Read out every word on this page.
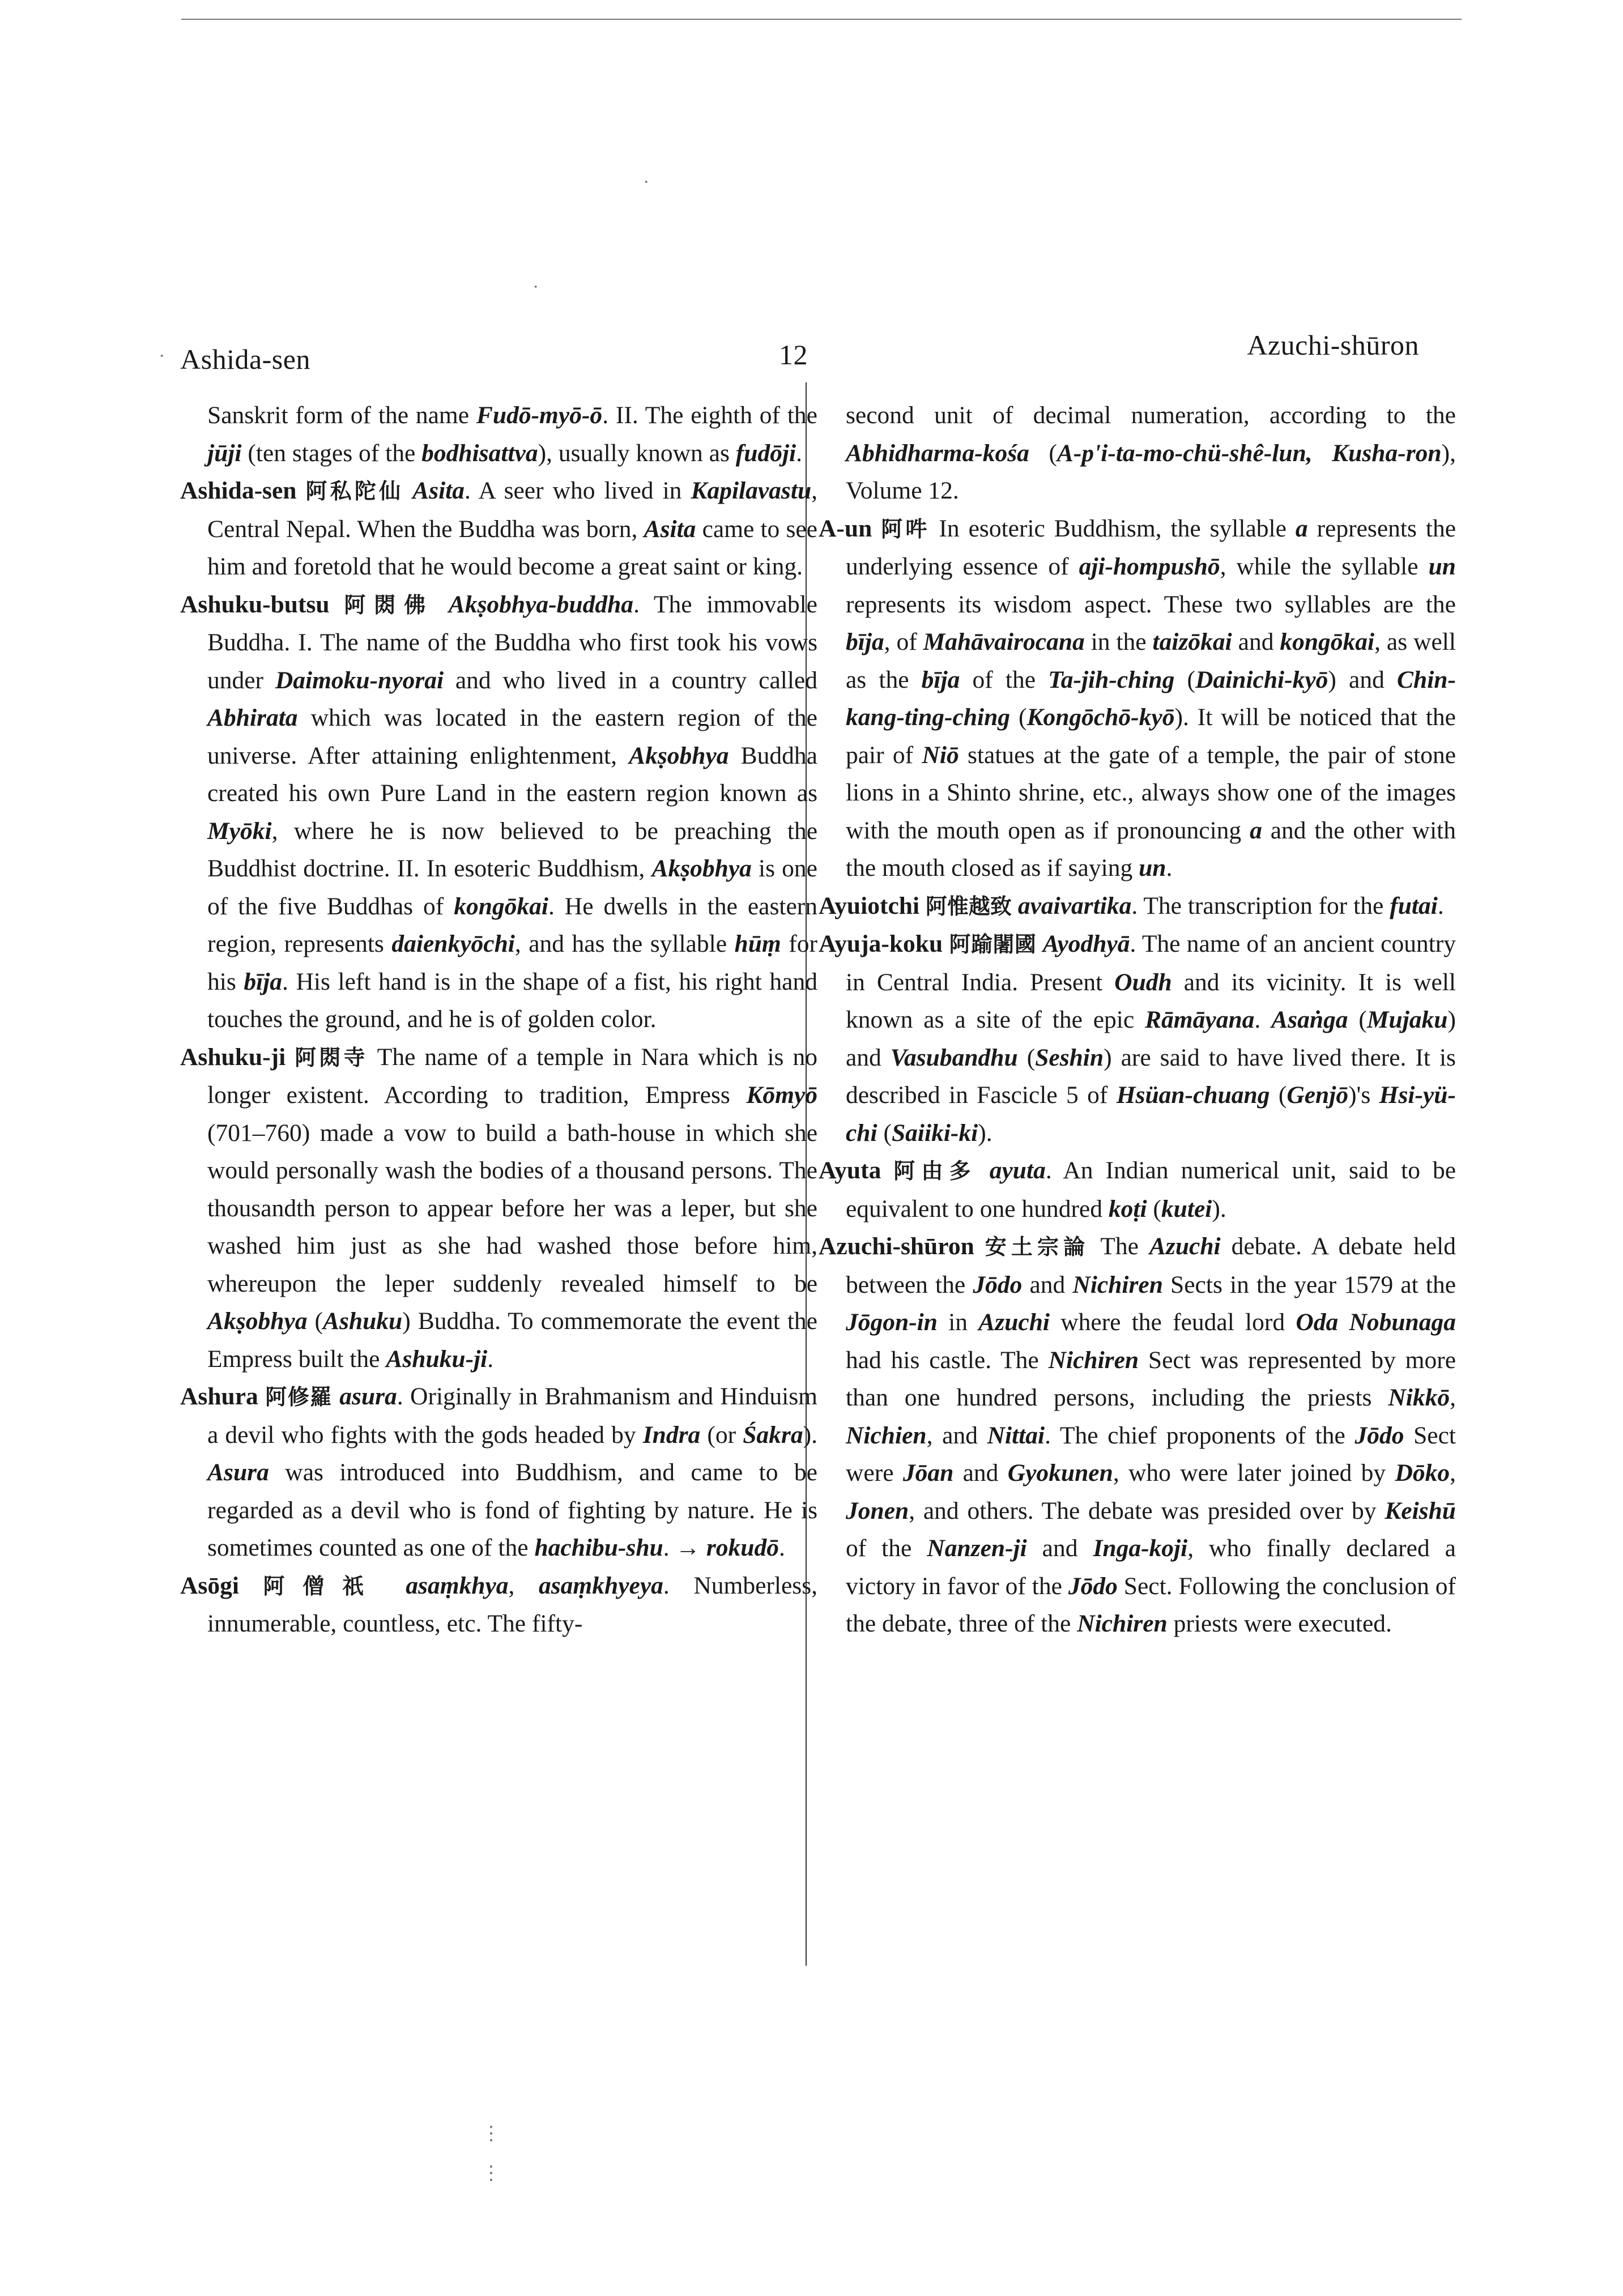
·
·
·
⋮
⋮
Ashida-sen	12	Azuchi-shūron

Sanskrit form of the name Fudō-myō-ō. II. The eighth of the jūji (ten stages of the bodhisattva), usually known as fudōji.

Ashida-sen 阿私陀仙 Asita. A seer who lived in Kapilavastu, Central Nepal. When the Buddha was born, Asita came to see him and foretold that he would become a great saint or king.

Ashuku-butsu 阿閦佛 Akṣobhya-buddha. The immovable Buddha. I. The name of the Buddha who first took his vows under Daimoku-nyorai and who lived in a country called Abhirata which was located in the eastern region of the universe. After attaining enlightenment, Akṣobhya Buddha created his own Pure Land in the eastern region known as Myōki, where he is now believed to be preaching the Buddhist doctrine. II. In esoteric Buddhism, Akṣobhya is one of the five Buddhas of kongōkai. He dwells in the eastern region, represents daienkyōchi, and has the syllable hūṃ for his bīja. His left hand is in the shape of a fist, his right hand touches the ground, and he is of golden color.

Ashuku-ji 阿閦寺 The name of a temple in Nara which is no longer existent. According to tradition, Empress Kōmyō (701–760) made a vow to build a bath-house in which she would personally wash the bodies of a thousand persons. The thousandth person to appear before her was a leper, but she washed him just as she had washed those before him, whereupon the leper suddenly revealed himself to be Akṣobhya (Ashuku) Buddha. To commemorate the event the Empress built the Ashuku-ji.

Ashura 阿修羅 asura. Originally in Brahmanism and Hinduism a devil who fights with the gods headed by Indra (or Śakra). Asura was introduced into Buddhism, and came to be regarded as a devil who is fond of fighting by nature. He is sometimes counted as one of the hachibu-shu. → rokudō.

Asōgi 阿僧祇 asaṃkhya, asaṃkhyeya. Numberless, innumerable, countless, etc. The fifty-

second unit of decimal numeration, according to the Abhidharma-kośa (A-p'i-ta-mo-chü-shê-lun, Kusha-ron), Volume 12.

A-un 阿吽 In esoteric Buddhism, the syllable a represents the underlying essence of aji-hompushō, while the syllable un represents its wisdom aspect. These two syllables are the bīja, of Mahāvairocana in the taizōkai and kongōkai, as well as the bīja of the Ta-jih-ching (Dainichi-kyō) and Chin-kang-ting-ching (Kongōchō-kyō). It will be noticed that the pair of Niō statues at the gate of a temple, the pair of stone lions in a Shinto shrine, etc., always show one of the images with the mouth open as if pronouncing a and the other with the mouth closed as if saying un.

Ayuiotchi 阿惟越致 avaivartika. The transcription for the futai.

Ayuja-koku 阿踰闍國 Ayodhyā. The name of an ancient country in Central India. Present Oudh and its vicinity. It is well known as a site of the epic Rāmāyana. Asaṅga (Mujaku) and Vasubandhu (Seshin) are said to have lived there. It is described in Fascicle 5 of Hsüan-chuang (Genjō)'s Hsi-yü-chi (Saiiki-ki).

Ayuta 阿由多 ayuta. An Indian numerical unit, said to be equivalent to one hundred koṭi (kutei).

Azuchi-shūron 安土宗論 The Azuchi debate. A debate held between the Jōdo and Nichiren Sects in the year 1579 at the Jōgon-in in Azuchi where the feudal lord Oda Nobunaga had his castle. The Nichiren Sect was represented by more than one hundred persons, including the priests Nikkō, Nichien, and Nittai. The chief proponents of the Jōdo Sect were Jōan and Gyokunen, who were later joined by Dōko, Jonen, and others. The debate was presided over by Keishū of the Nanzen-ji and Inga-koji, who finally declared a victory in favor of the Jōdo Sect. Following the conclusion of the debate, three of the Nichiren priests were executed.
